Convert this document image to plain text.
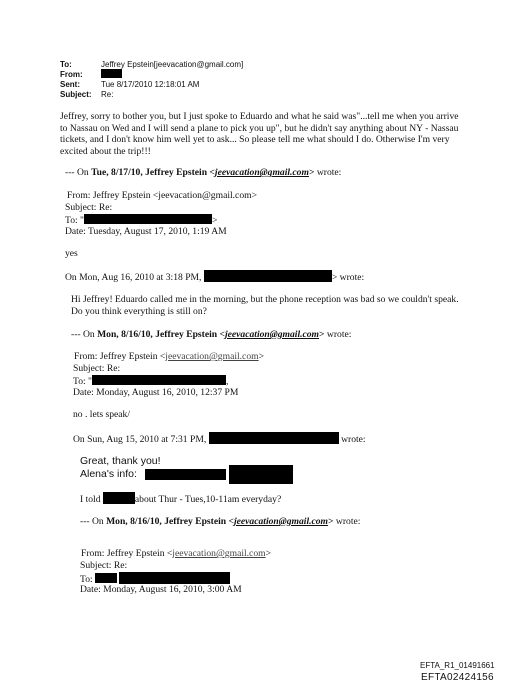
To:	Jeffrey Epstein[jeevacation@gmail.com]
From:
Sent:	Tue 8/17/2010 12:18:01 AM
Subject: Re:
Jeffrey, sorry to bother you, but I just spoke to Eduardo and what he said was"...tell me when you arrive to Nassau on Wed and I will send a plane to pick you up", but he didn't say anything about NY - Nassau tickets, and I don't know him well yet to ask... So please tell me what should I do. Otherwise I'm very excited about the trip!!!
--- On Tue, 8/17/10, Jeffrey Epstein <jeevacation@gmail.com> wrote:
From: Jeffrey Epstein <jeevacation@gmail.com>
Subject: Re:
To: "	>
Date: Tuesday, August 17, 2010, 1:19 AM
yes
On Mon, Aug 16, 2010 at 3:18 PM,	> wrote:
Hi Jeffrey! Eduardo called me in the morning, but the phone reception was bad so we couldn't speak. Do you think everything is still on?
--- On Mon, 8/16/10, Jeffrey Epstein <jeevacation@gmail.com> wrote:
From: Jeffrey Epstein <jeevacation@gmail.com>
Subject: Re:
To: "	,
Date: Monday, August 16, 2010, 12:37 PM
no . lets speak/
On Sun, Aug 15, 2010 at 7:31 PM,	wrote:
Great, thank you!
Alena's info:
I told	about Thur - Tues,10-11am everyday?
--- On Mon, 8/16/10, Jeffrey Epstein <jeevacation@gmail.com> wrote:
From: Jeffrey Epstein <jeevacation@gmail.com>
Subject: Re:
To:
Date: Monday, August 16, 2010, 3:00 AM
EFTA_R1_01491661
EFTA02424156
